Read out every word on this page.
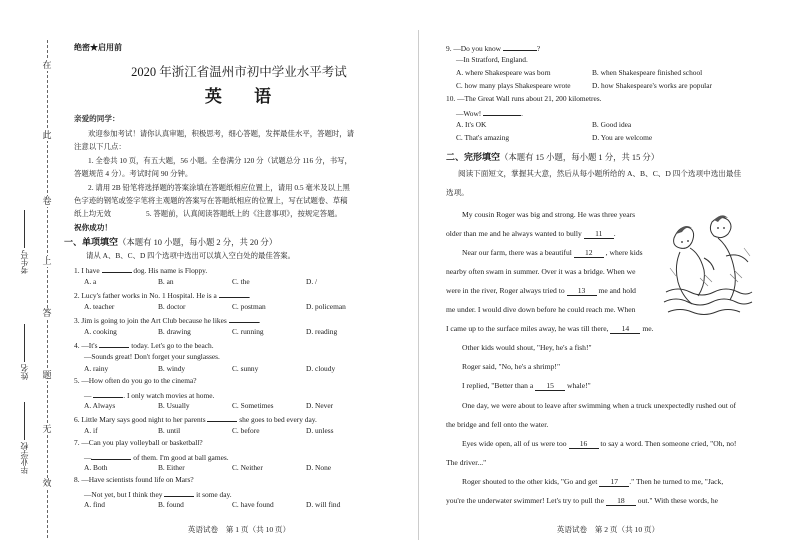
在
此
卷
上
答
题
无
效
考生号
姓名
毕业学校
绝密★启用前
2020 年浙江省温州市初中学业水平考试
英 语
亲爱的同学：
欢迎参加考试！请你认真审题，积极思考，细心答题，发挥最佳水平，答题时，请
注意以下几点：
1. 全卷共 10 页，有五大题，56 小题。全卷满分 120 分（试题总分 116 分，书写，
答题规范 4 分）。考试时间 90 分钟。
2. 请用 2B 铅笔将选择题的答案涂填在答题纸相应位置上，请用 0.5 毫米及以上黑
色字迹的钢笔或签字笔将主观题的答案写在答题纸相应的位置上，写在试题卷、草稿
纸上均无效	5. 答题前，认真阅读答题纸上的《注意事项》，按规定答题。
祝你成功！
一、单项填空（本题有 10 小题，每小题 2 分，共 20 分）
请从 A、B、C、D 四个选项中选出可以填入空白处的最佳答案。
1. I have	dog. His name is Floppy.
A. a	B. an	C. the	D. /
2. Lucy's father works in No. 1 Hospital. He is a	.
A. teacher	B. doctor	C. postman	D. policeman
3. Jim is going to join the Art Club because he likes	.
A. cooking	B. drawing	C. running	D. reading
4. —It's	today. Let's go to the beach.
—Sounds great! Don't forget your sunglasses.
A. rainy	B. windy	C. sunny	D. cloudy
5. —How often do you go to the cinema?
—	. I only watch movies at home.
A. Always	B. Usually	C. Sometimes	D. Never
6. Little Mary says good night to her parents	she goes to bed every day.
A. if	B. until	C. before	D. unless
7. —Can you play volleyball or basketball?
—	of them. I'm good at ball games.
A. Both	B. Either	C. Neither	D. None
8. —Have scientists found life on Mars?
—Not yet, but I think they	it some day.
A. find	B. found	C. have found	D. will find
英语试卷　第 1 页（共 10 页）
9. —Do you know	?
—In Stratford, England.
A. where Shakespeare was born	B. when Shakespeare finished school
C. how many plays Shakespeare wrote	D. how Shakespeare's works are popular
10. —The Great Wall runs about 21, 200 kilometres.
—Wow!	.
A. It's OK	B. Good idea
C. That's amazing	D. You are welcome
二、完形填空（本题有 15 小题，每小题 1 分，共 15 分）
阅读下面短文，掌握其大意，然后从每小题所给的 A、B、C、D 四个选项中选出最佳
选项。
My cousin Roger was big and strong. He was three years
older than me and he always wanted to bully 11 .
Near our farm, there was a beautiful 12 , where kids
nearby often swam in summer. Over it was a bridge. When we
were in the river, Roger always tried to 13 me and hold
me under. I would dive down before he could reach me. When
I came up to the surface miles away, he was till there, 14 me.
Other kids would shout, "Hey, he's a fish!"
Roger said, "No, he's a shrimp!"
I replied, "Better than a 15 whale!"
One day, we were about to leave after swimming when a truck unexpectedly rushed out of
the bridge and fell onto the water.
Eyes wide open, all of us were too 16 to say a word. Then someone cried, "Oh, no!
The driver..."
Roger shouted to the other kids, "Go and get 17 ." Then he turned to me, "Jack,
you're the underwater swimmer! Let's try to pull the 18 out." With these words, he
英语试卷　第 2 页（共 10 页）
